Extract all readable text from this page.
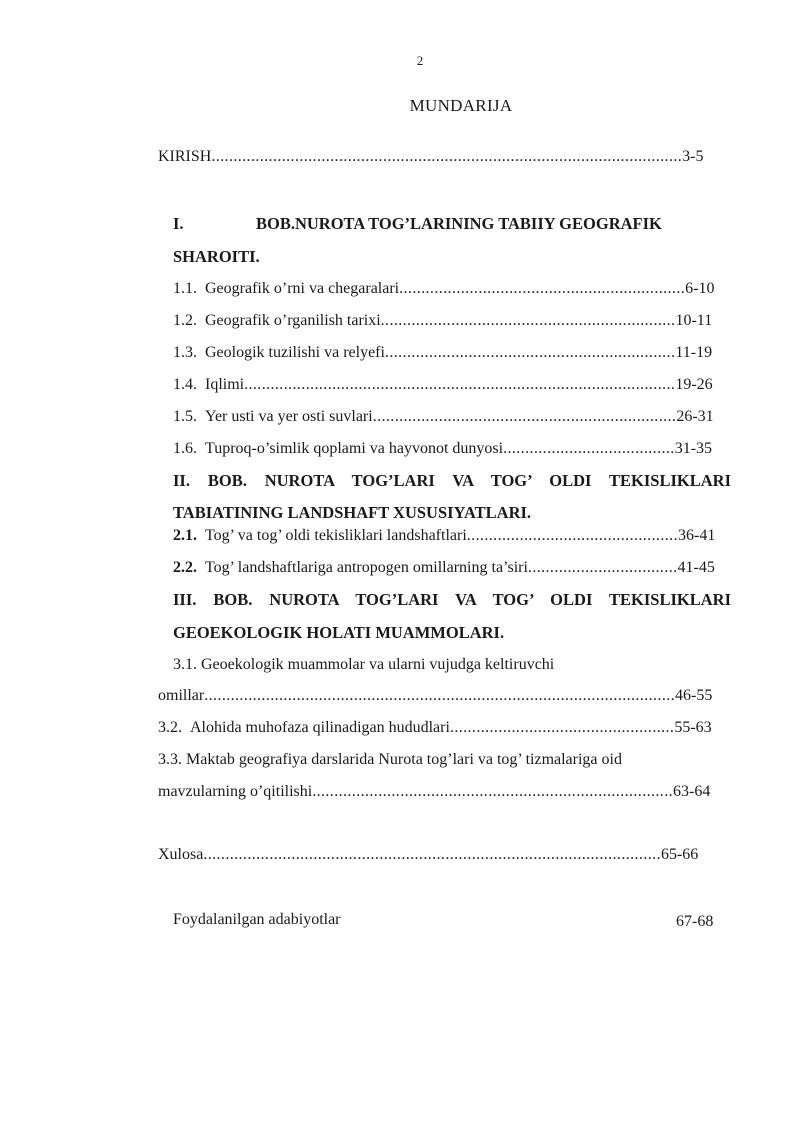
2
MUNDARIJA
KIRISH...........................................................................................................3-5
I.	BOB.NUROTA TOG’LARINING TABIIY GEOGRAFIK
SHAROITI.
1.1. Geografik o’rni va chegaralari.................................................................6-10
1.2. Geografik o’rganilish tarixi...................................................................10-11
1.3. Geologik tuzilishi va relyefi..................................................................11-19
1.4. Iqlimi..................................................................................................19-26
1.5. Yer usti va yer osti suvlari.....................................................................26-31
1.6. Tuproq-o’simlik qoplami va hayvonot dunyosi.......................................31-35
II. BOB. NUROTA TOG’LARI VA TOG’ OLDI TEKISLIKLARI
TABIATINING LANDSHAFT XUSUSIYATLARI.
2.1. Tog’ va tog’ oldi tekisliklari landshaftlari................................................36-41
2.2. Tog’ landshaftlariga antropogen omillarning ta’siri..................................41-45
III. BOB. NUROTA TOG’LARI VA TOG’ OLDI TEKISLIKLARI
GEOEKOLOGIK HOLATI MUAMMOLARI.
3.1. Geoekologik muammolar va ularni vujudga keltiruvchi
omillar...........................................................................................................46-55
3.2. Alohida muhofaza qilinadigan hududlari...................................................55-63
3.3. Maktab geografiya darslarida Nurota tog’lari va tog’ tizmalariga oid
mavzularning o’qitilishi..................................................................................63-64
Xulosa........................................................................................................65-66
Foydalanilgan adabiyotlar	67-68
